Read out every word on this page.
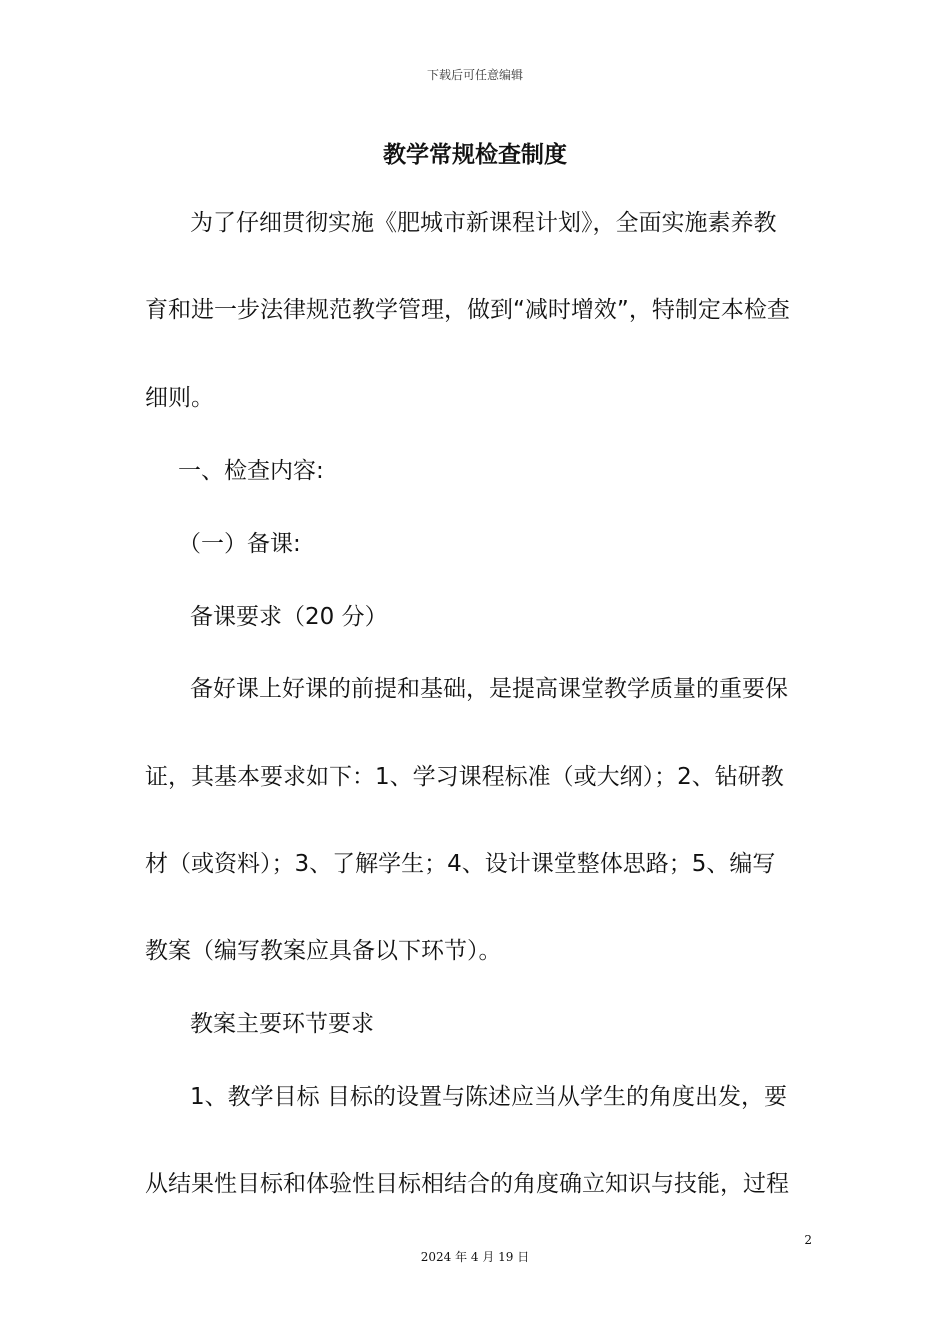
下载后可任意编辑
教学常规检查制度
为了仔细贯彻实施《肥城市新课程计划》，全面实施素养教
育和进一步法律规范教学管理，做到“减时增效”，特制定本检查
细则。
一、检查内容:
（一）备课:
备课要求（20 分）
备好课上好课的前提和基础，是提高课堂教学质量的重要保
证，其基本要求如下：1、学习课程标准（或大纲）；2、钻研教
材（或资料）；3、了解学生；4、设计课堂整体思路；5、编写
教案（编写教案应具备以下环节）。
教案主要环节要求
1、教学目标 目标的设置与陈述应当从学生的角度出发，要
从结果性目标和体验性目标相结合的角度确立知识与技能，过程
2
2024 年 4 月 19 日
